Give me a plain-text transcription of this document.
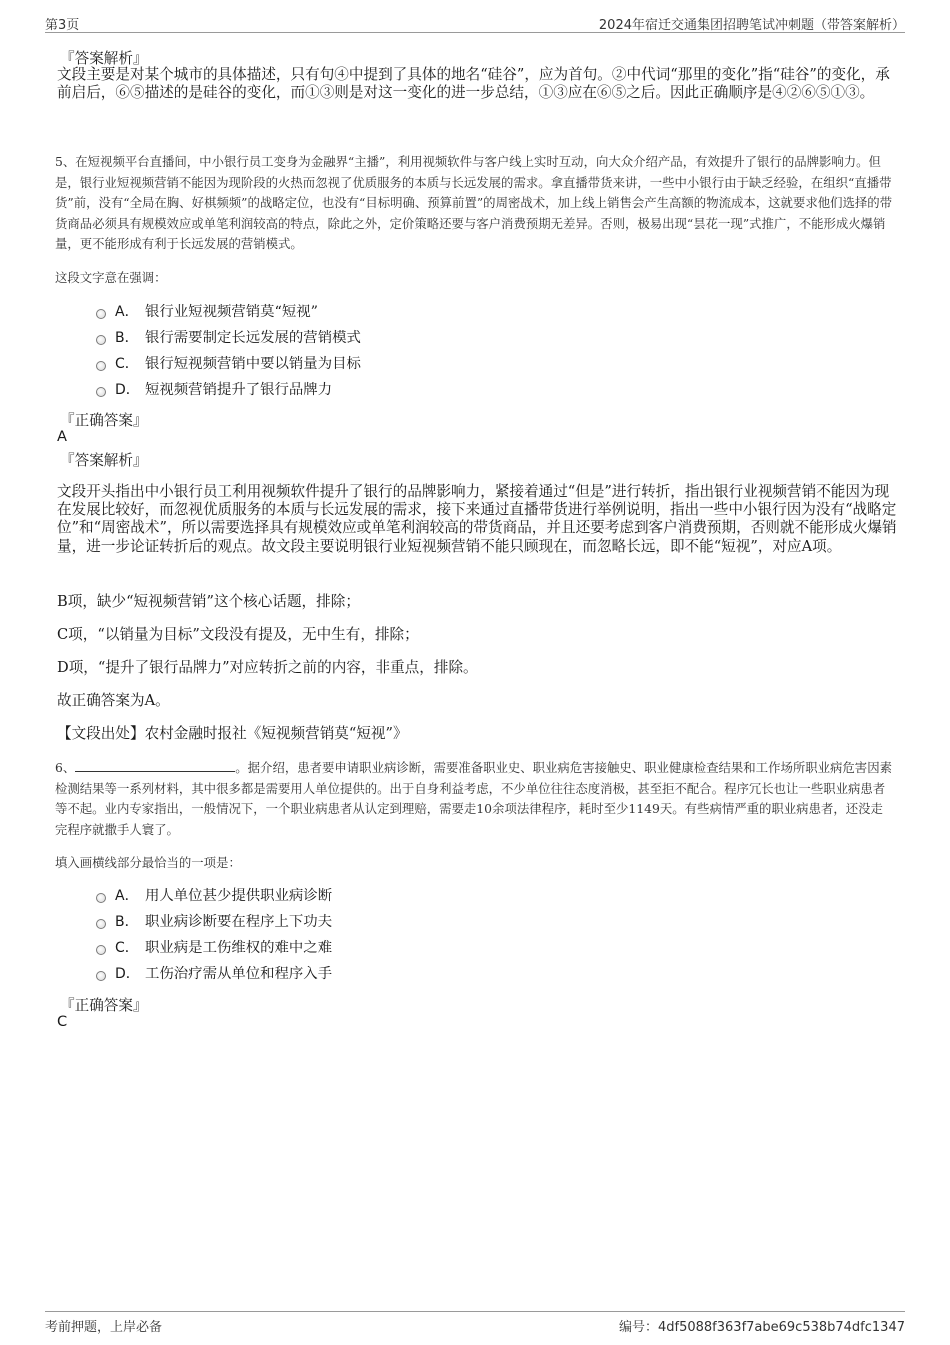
第3页	2024年宿迁交通集团招聘笔试冲刺题（带答案解析）
『答案解析』
文段主要是对某个城市的具体描述，只有句④中提到了具体的地名“硅谷”，应为首句。②中代词“那里的变化”指“硅谷”的变化，承前启后，⑥⑤描述的是硅谷的变化，而①③则是对这一变化的进一步总结，①③应在⑥⑤之后。因此正确顺序是④②⑥⑤①③。
5、在短视频平台直播间，中小银行员工变身为金融界“主播”，利用视频软件与客户线上实时互动，向大众介绍产品，有效提升了银行的品牌影响力。但是，银行业短视频营销不能因为现阶段的火热而忽视了优质服务的本质与长远发展的需求。拿直播带货来讲，一些中小银行由于缺乏经验，在组织“直播带货”前，没有“全局在胸、好棋频频”的战略定位，也没有“目标明确、预算前置”的周密战术，加上线上销售会产生高额的物流成本，这就要求他们选择的带货商品必须具有规模效应或单笔利润较高的特点，除此之外，定价策略还要与客户消费预期无差异。否则，极易出现“昙花一现”式推广，不能形成火爆销量，更不能形成有利于长远发展的营销模式。
这段文字意在强调：
A． 银行业短视频营销莫“短视”
B． 银行需要制定长远发展的营销模式
C． 银行短视频营销中要以销量为目标
D． 短视频营销提升了银行品牌力
『正确答案』
A
『答案解析』
文段开头指出中小银行员工利用视频软件提升了银行的品牌影响力，紧接着通过“但是”进行转折，指出银行业视频营销不能因为现在发展比较好，而忽视优质服务的本质与长远发展的需求，接下来通过直播带货进行举例说明，指出一些中小银行因为没有“战略定位”和“周密战术”，所以需要选择具有规模效应或单笔利润较高的带货商品，并且还要考虑到客户消费预期，否则就不能形成火爆销量，进一步论证转折后的观点。故文段主要说明银行业短视频营销不能只顾现在，而忽略长远，即不能“短视”，对应A项。
B项，缺少“短视频营销”这个核心话题，排除；
C项，“以销量为目标”文段没有提及，无中生有，排除；
D项，“提升了银行品牌力”对应转折之前的内容，非重点，排除。
故正确答案为A。
【文段出处】农村金融时报社《短视频营销莫“短视”》
6、	。据介绍，患者要申请职业病诊断，需要准备职业史、职业病危害接触史、职业健康检查结果和工作场所职业病危害因素检测结果等一系列材料，其中很多都是需要用人单位提供的。出于自身利益考虑，不少单位往往态度消极，甚至拒不配合。程序冗长也让一些职业病患者等不起。业内专家指出，一般情况下，一个职业病患者从认定到理赔，需要走10余项法律程序，耗时至少1149天。有些病情严重的职业病患者，还没走完程序就撒手人寰了。
填入画横线部分最恰当的一项是：
A． 用人单位甚少提供职业病诊断
B． 职业病诊断要在程序上下功夫
C． 职业病是工伤维权的难中之难
D． 工伤治疗需从单位和程序入手
『正确答案』
C
考前押题，上岸必备	编号：4df5088f363f7abe69c538b74dfc1347
